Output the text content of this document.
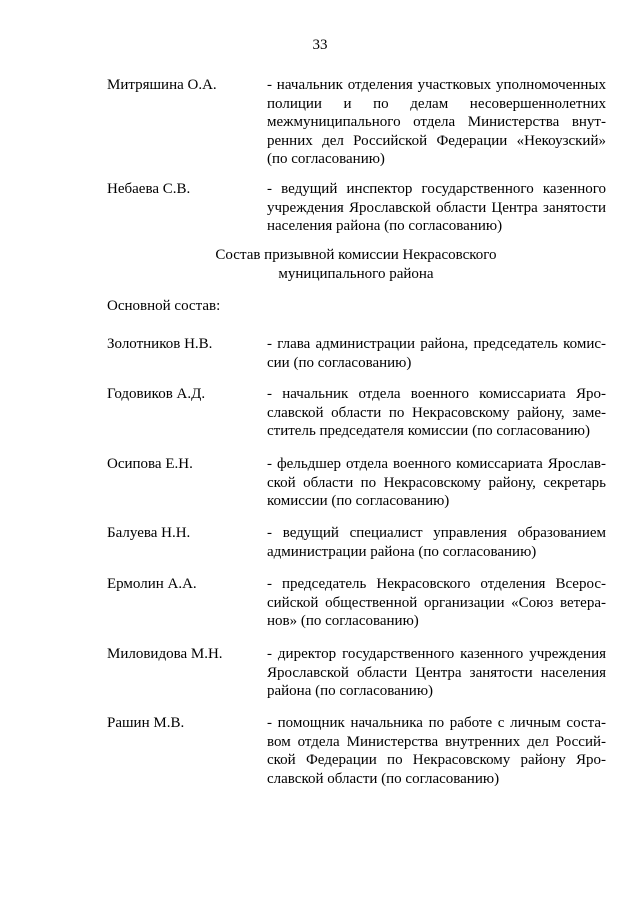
33
Митряшина О.А.	- начальник отделения участковых уполномоченных полиции и по делам несовершеннолетних межмуниципального отдела Министерства внутренних дел Российской Федерации «Некоузский» (по согласованию)
Небаева С.В.	- ведущий инспектор государственного казенного учреждения Ярославской области Центра занятости населения района (по согласованию)
Состав призывной комиссии Некрасовского
муниципального района
Основной состав:
Золотников Н.В.	- глава администрации района, председатель комиссии (по согласованию)
Годовиков А.Д.	- начальник отдела военного комиссариата Ярославской области по Некрасовскому району, заместитель председателя комиссии (по согласованию)
Осипова Е.Н.	- фельдшер отдела военного комиссариата Ярославской области по Некрасовскому району, секретарь комиссии (по согласованию)
Балуева Н.Н.	- ведущий специалист управления образованием администрации района (по согласованию)
Ермолин А.А.	- председатель Некрасовского отделения Всероссийской общественной организации «Союз ветеранов» (по согласованию)
Миловидова М.Н.	- директор государственного казенного учреждения Ярославской области Центра занятости населения района (по согласованию)
Рашин М.В.	- помощник начальника по работе с личным составом отдела Министерства внутренних дел Российской Федерации по Некрасовскому району Ярославской области (по согласованию)
